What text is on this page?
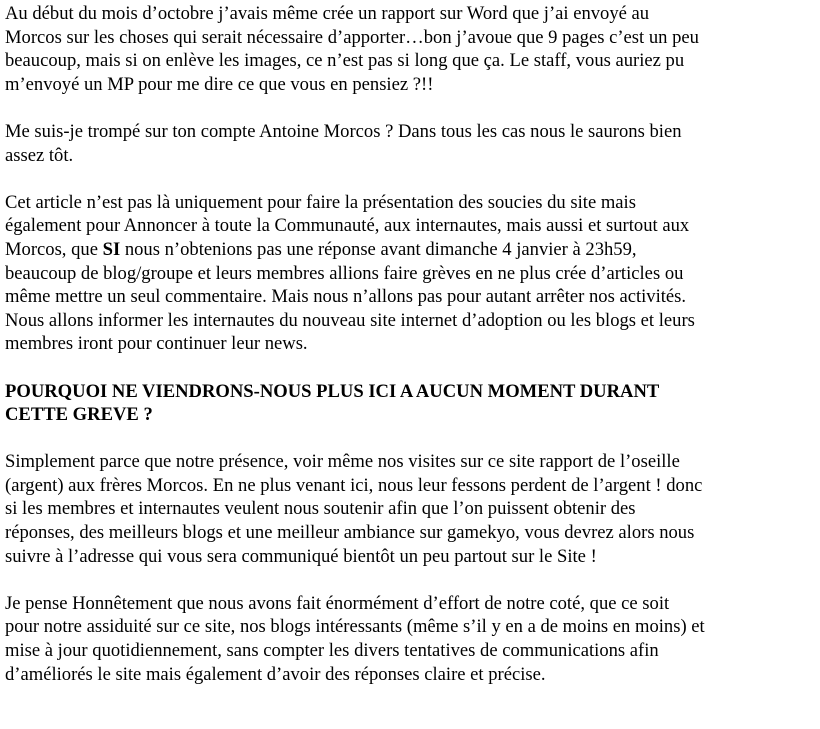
Au début du mois d’octobre j’avais même crée un rapport sur Word que j’ai envoyé au
Morcos sur les choses qui serait nécessaire d’apporter…bon j’avoue que 9 pages c’est un peu
beaucoup, mais si on enlève les images, ce n’est pas si long que ça. Le staff, vous auriez pu
m’envoyé un MP pour me dire ce que vous en pensiez ?!!

Me suis-je trompé sur ton compte Antoine Morcos ? Dans tous les cas nous le saurons bien
assez tôt.

Cet article n’est pas là uniquement pour faire la présentation des soucies du site mais
également pour Annoncer à toute la Communauté, aux internautes, mais aussi et surtout aux
Morcos, que SI nous n’obtenions pas une réponse avant dimanche 4 janvier à 23h59,
beaucoup de blog/groupe et leurs membres allions faire grèves en ne plus crée d’articles ou
même mettre un seul commentaire. Mais nous n’allons pas pour autant arrêter nos activités.
Nous allons informer les internautes du nouveau site internet d’adoption ou les blogs et leurs
membres iront pour continuer leur news.

POURQUOI NE VIENDRONS-NOUS PLUS ICI A AUCUN MOMENT DURANT
CETTE GREVE ?

Simplement parce que notre présence, voir même nos visites sur ce site rapport de l’oseille
(argent) aux frères Morcos. En ne plus venant ici, nous leur fessons perdent de l’argent ! donc
si les membres et internautes veulent nous soutenir afin que l’on puissent obtenir des
réponses, des meilleurs blogs et une meilleur ambiance sur gamekyo, vous devrez alors nous
suivre à l’adresse qui vous sera communiqué bientôt un peu partout sur le Site !

Je pense Honnêtement que nous avons fait énormément d’effort de notre coté, que ce soit
pour notre assiduité sur ce site, nos blogs intéressants (même s’il y en a de moins en moins) et
mise à jour quotidiennement, sans compter les divers tentatives de communications afin
d’améliorés le site mais également d’avoir des réponses claire et précise.
